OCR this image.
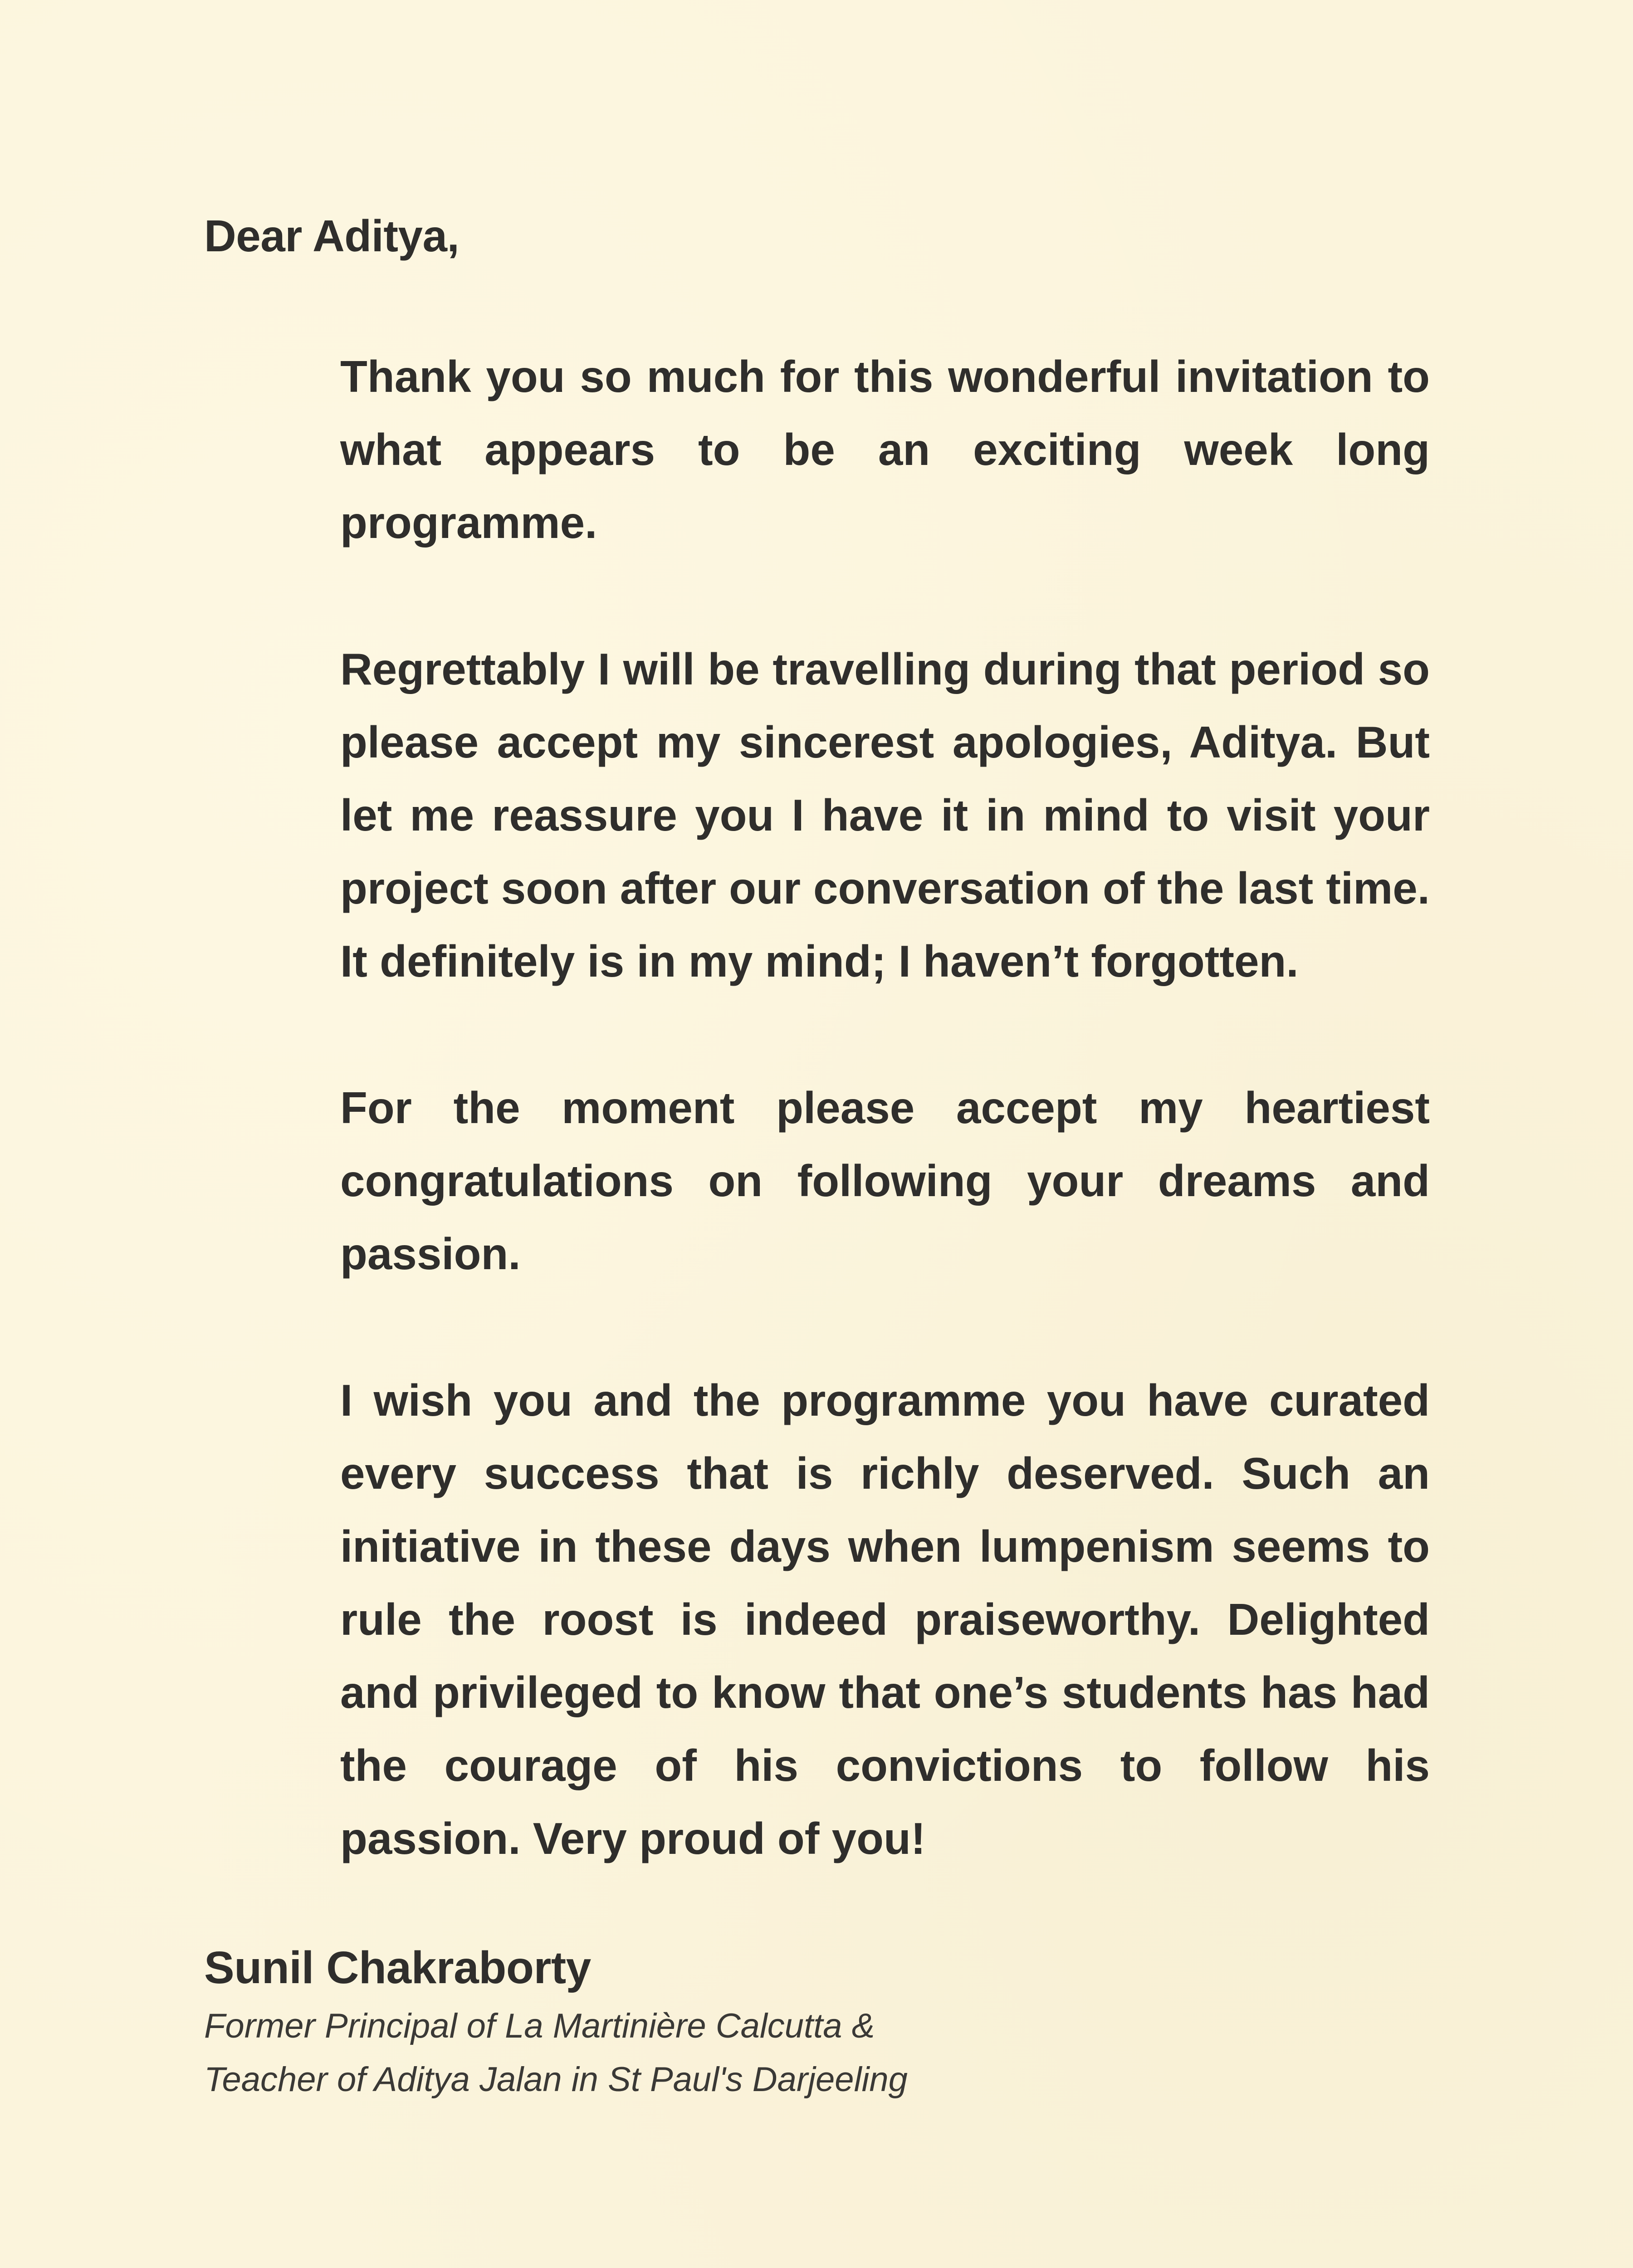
Dear Aditya,

Thank you so much for this wonderful invitation to what appears to be an exciting week long programme.

Regrettably I will be travelling during that period so please accept my sincerest apologies, Aditya. But let me reassure you I have it in mind to visit your project soon after our conversation of the last time. It definitely is in my mind; I haven’t forgotten.

For the moment please accept my heartiest congratulations on following your dreams and passion.

I wish you and the programme you have curated every success that is richly deserved. Such an initiative in these days when lumpenism seems to rule the roost is indeed praiseworthy. Delighted and privileged to know that one’s students has had the courage of his convictions to follow his passion. Very proud of you!

Sunil Chakraborty

Former Principal of La Martinière Calcutta &

Teacher of Aditya Jalan in St Paul's Darjeeling
